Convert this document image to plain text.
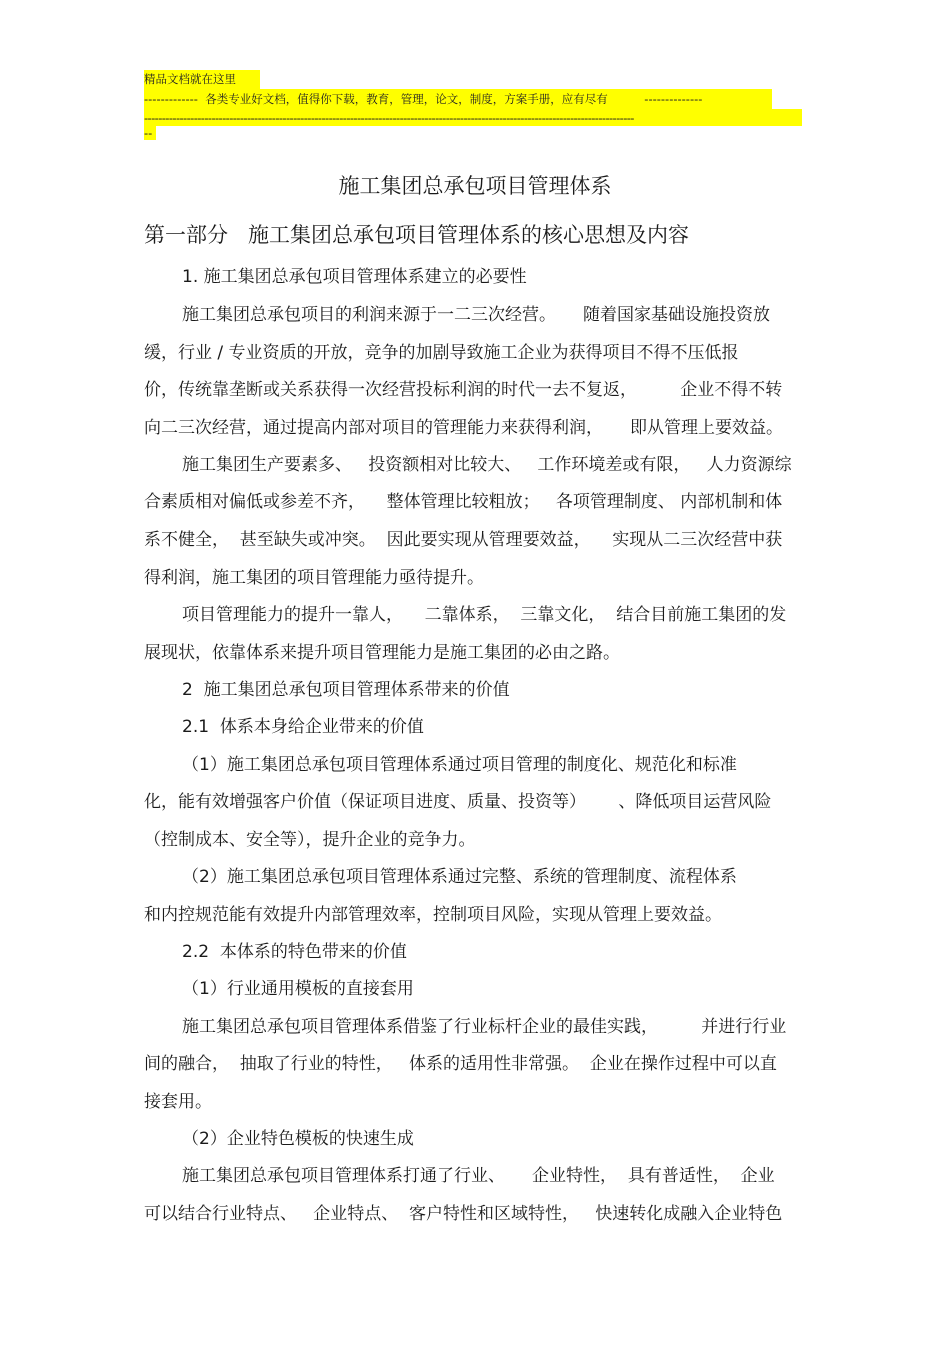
精品文档就在这里
-------------  各类专业好文档，值得你下载，教育，管理，论文，制度，方案手册，应有尽有          --------------
------------------------------------------------------------------------------------------------------------------------------------------
--
施工集团总承包项目管理体系
第一部分   施工集团总承包项目管理体系的核心思想及内容
1. 施工集团总承包项目管理体系建立的必要性
施工集团总承包项目的利润来源于一二三次经营。     随着国家基础设施投资放
缓，行业 / 专业资质的开放，竞争的加剧导致施工企业为获得项目不得不压低报
价，传统靠垄断或关系获得一次经营投标利润的时代一去不复返，        企业不得不转
向二三次经营，通过提高内部对项目的管理能力来获得利润，     即从管理上要效益。
施工集团生产要素多、   投资额相对比较大、   工作环境差或有限，   人力资源综
合素质相对偏低或参差不齐，    整体管理比较粗放；   各项管理制度、 内部机制和体
系不健全，  甚至缺失或冲突。  因此要实现从管理要效益，    实现从二三次经营中获
得利润，施工集团的项目管理能力亟待提升。
项目管理能力的提升一靠人，    二靠体系，  三靠文化，  结合目前施工集团的发
展现状，依靠体系来提升项目管理能力是施工集团的必由之路。
2  施工集团总承包项目管理体系带来的价值
2.1  体系本身给企业带来的价值
（1）施工集团总承包项目管理体系通过项目管理的制度化、规范化和标准
化，能有效增强客户价值（保证项目进度、质量、投资等）      、降低项目运营风险
（控制成本、安全等），提升企业的竞争力。
（2）施工集团总承包项目管理体系通过完整、系统的管理制度、流程体系
和内控规范能有效提升内部管理效率，控制项目风险，实现从管理上要效益。
2.2  本体系的特色带来的价值
（1）行业通用模板的直接套用
施工集团总承包项目管理体系借鉴了行业标杆企业的最佳实践，        并进行行业
间的融合，  抽取了行业的特性，   体系的适用性非常强。  企业在操作过程中可以直
接套用。
（2）企业特色模板的快速生成
施工集团总承包项目管理体系打通了行业、     企业特性，  具有普适性，  企业
可以结合行业特点、   企业特点、  客户特性和区域特性，   快速转化成融入企业特色
